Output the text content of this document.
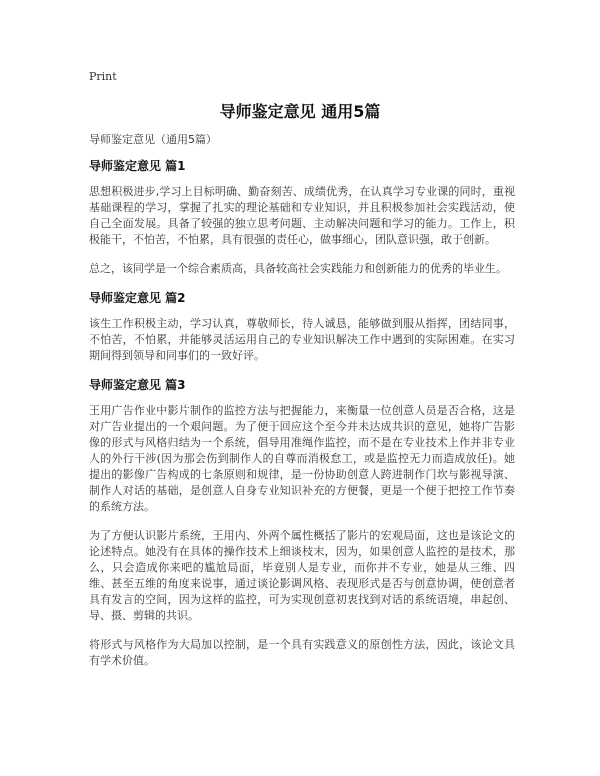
Print
导师鉴定意见 通用5篇

导师鉴定意见（通用5篇）

导师鉴定意见 篇1

思想积极进步,学习上目标明确、勤奋刻苦、成绩优秀，在认真学习专业课的同时，重视基础课程的学习，掌握了扎实的理论基础和专业知识，并且积极参加社会实践活动，使自己全面发展。具备了较强的独立思考问题、主动解决问题和学习的能力。工作上，积极能干，不怕苦，不怕累，具有很强的责任心，做事细心，团队意识强，敢于创新。

总之，该同学是一个综合素质高，具备较高社会实践能力和创新能力的优秀的毕业生。

导师鉴定意见 篇2

该生工作积极主动，学习认真，尊敬师长，待人诚恳，能够做到服从指挥，团结同事，不怕苦，不怕累，并能够灵活运用自己的专业知识解决工作中遇到的实际困难。在实习期间得到领导和同事们的一致好评。

导师鉴定意见 篇3

王用广告作业中影片制作的监控方法与把握能力，来衡量一位创意人员是否合格，这是对广告业提出的一个艰问题。为了便于回应这个至今并未达成共识的意见，她将广告影像的形式与风格归结为一个系统，倡导用准绳作监控，而不是在专业技术上作并非专业人的外行干涉(因为那会伤到制作人的自尊而消极怠工，或是监控无力而造成放任)。她提出的影像广告构成的七条原则和规律，是一份协助创意人跨进制作门坎与影视导演、制作人对话的基础，是创意人自身专业知识补充的方便餐，更是一个便于把控工作节奏的系统方法。

为了方便认识影片系统，王用内、外两个属性概括了影片的宏观局面，这也是该论文的论述特点。她没有在具体的操作技术上细谈枝末，因为，如果创意人监控的是技术，那么，只会造成你来吧的尴尬局面，毕竟别人是专业，而你并不专业，她是从三维、四维、甚至五维的角度来说事，通过谈论影调风格、表现形式是否与创意协调，使创意者具有发言的空间，因为这样的监控，可为实现创意初衷找到对话的系统语境，串起创、导、摄、剪辑的共识。

将形式与风格作为大局加以控制，是一个具有实践意义的原创性方法，因此，该论文具有学术价值。
